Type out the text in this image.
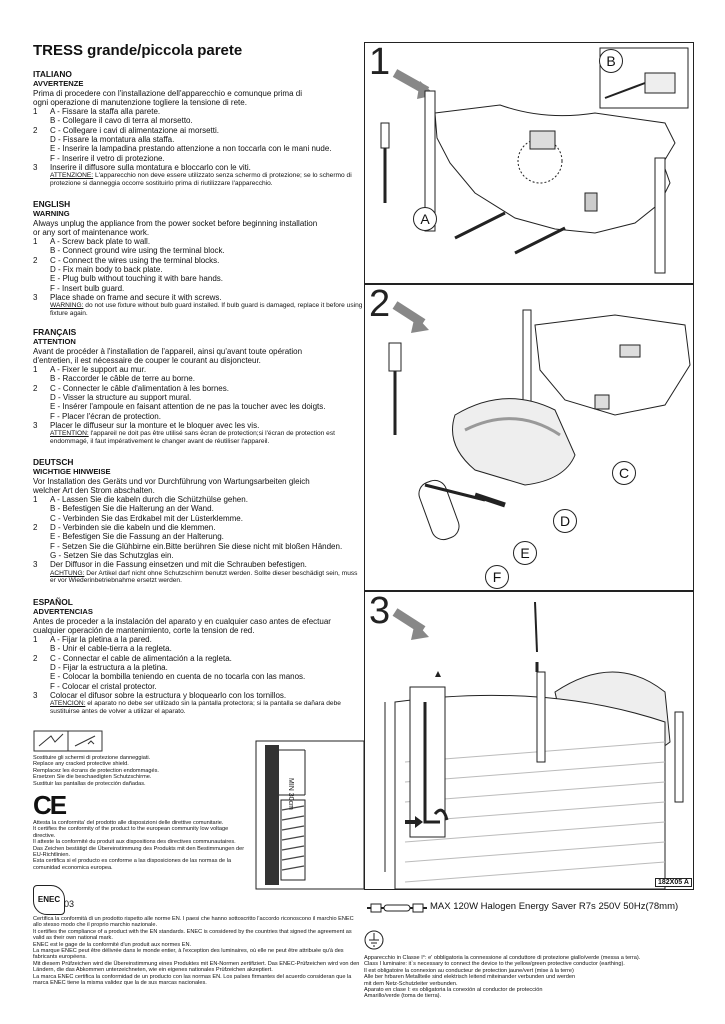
TRESS grande/piccola parete
ITALIANO
AVVERTENZE
Prima di procedere con l'installazione dell'apparecchio e comunque prima di
ogni operazione di manutenzione togliere la tensione di rete.
1	A - Fissare la staffa alla parete.
B - Collegare il cavo di terra al morsetto.
2	C - Collegare i cavi di alimentazione ai morsetti.
D - Fissare la montatura alla staffa.
E - Inserire la lampadina prestando attenzione a non toccarla con le mani nude.
F - Inserire il vetro di protezione.
3	Inserire il diffusore sulla montatura e bloccarlo con le viti.
ATTENZIONE: L'apparecchio non deve essere utilizzato senza schermo di protezione; se lo schermo di protezione si danneggia occorre sostituirlo prima di riutilizzare l'apparecchio.
ENGLISH
WARNING
Always unplug the appliance from the power socket before beginning installation
or any sort of maintenance work.
1	A - Screw back plate to wall.
B - Connect ground wire using the terminal block.
2	C - Connect the wires using the terminal blocks.
D - Fix main body to back plate.
E - Plug bulb without touching it with bare hands.
F - Insert bulb guard.
3	Place shade on frame and secure it with screws.
WARNING: do not use fixture without bulb guard installed. If bulb guard is damaged, replace it before using fixture again.
FRANÇAIS
ATTENTION
Avant de procéder à l'installation de l'appareil, ainsi qu'avant toute opération
d'entretien, il est nécessaire de couper le courant au disjoncteur.
1	A - Fixer le support au mur.
B - Raccorder le câble de terre au borne.
2	C - Connecter le câble d'alimentation à les bornes.
D - Visser la structure au support mural.
E - Insérer l'ampoule en faisant attention de ne pas la toucher avec les doigts.
F - Placer l'écran de protection.
3	Placer le diffuseur sur la monture et le bloquer avec les vis.
ATTENTION: l'appareil ne doit pas être utilisé sans écran de protection;si l'écran de protection est endommagé, il faut impérativement le changer avant de réutiliser l'appareil.
DEUTSCH
WICHTIGE HINWEISE
Vor Installation des Geräts und vor Durchführung von Wartungsarbeiten gleich
welcher Art den Strom abschalten.
1	A - Lassen Sie die kabeln durch die Schützhülse gehen.
B - Befestigen Sie die Halterung an der Wand.
C - Verbinden Sie das Erdkabel mit der Lüsterklemme.
2	D - Verbinden sie die kabeln und die klemmen.
E - Befestigen Sie die Fassung an der Halterung.
F - Setzen Sie die Glühbirne ein.Bitte berühren Sie diese nicht mit bloßen Händen.
G - Setzen Sie das Schutzglas ein.
3	Der Diffusor in die Fassung einsetzen und mit die Schrauben befestigen.
ACHTUNG: Der Artikel darf nicht ohne Schutzschirm benutzt werden. Sollte dieser beschädigt sein, muss er vor Wiederinbetriebnahme ersetzt werden.
ESPAÑOL
ADVERTENCIAS
Antes de proceder a la instalación del aparato y en cualquier caso antes de efectuar
cualquier operación de mantenimiento, corte la tension de red.
1	A - Fijar la pletina a la pared.
B - Unir el cable-tierra a la regleta.
2	C - Connectar el cable de alimentación a la regleta.
D - Fijar la estructura a la pletina.
E - Colocar la bombilla teniendo en cuenta de no tocarla con las manos.
F - Colocar el cristal protector.
3	Colocar el difusor sobre la estructura y bloquearlo con los tornillos.
ATENCION: el aparato no debe ser utilizado sin la pantalla protectora; si la pantalla se dañara debe sustituirse antes de volver a utilizar el aparato.
Sostituire gli schermi di protezione danneggiati.
Replace any cracked protective shield.
Remplacez les écrans de protection endommagés.
Ersetzen Sie die beschaedigten Schutzschirme.
Sustituir las pantallas de protección dañadas.
CE
Attesta la conformita' del prodotto alle disposizioni delle direttive comunitarie.
It certifies the conformity of the product to the european community low voltage directive.
Il atteste la conformité du produit aux dispositions des directives communautaires.
Das Zeichen bestätigt die Übereinstimmung des Produkts mit den Bestimmungen der EU-Richtlinien.
Esta certifica si el producto es conforme a las disposiciones de las normas de la comunidad economica europea.
ENEC 03
Certifica la conformità di un prodotto rispetto alle norme EN. I paesi che hanno sottoscritto l'accordo riconoscono il marchio ENEC allo stesso modo che il proprio marchio nazionale.
It certifies the compliance of a product with the EN standards. ENEC is considered by the countries that signed the agreement as valid as their own national mark.
ENEC est le gage de la conformité d'un produit aux normes EN.
La marque ENEC peut être délivrée dans le monde entier, à l'exception des luminaires, où elle ne peut être attribuée qu'à des fabricants européens.
Mit diesem Prüfzeichen wird die Übereinstimmung eines Produktes mit EN-Normen zertifiziert. Das ENEC-Prüfzeichen wird von den Ländern, die das Abkommen unterzeichneten, wie ein eigenes nationales Prüfzeichen akzeptiert.
La marca ENEC certifica la conformidad de un producto con las normas EN. Los países firmantes del acuerdo consideran que la marca ENEC tiene la misma validez que la de sus marcas nacionales.
MIN 30cm
1	B
A
2
C
D
E
F
3
182X05 A
MAX 120W Halogen Energy Saver R7s 250V 50Hz(78mm)
Apparecchio in Classe I°: e' obbligatoria la connessione al conduttore di protezione giallo/verde (messa a terra).
Class I luminaire: it`s necessary to connect the device to the yellow/green protective conductor (earthing).
Il est obligatoire la connexion au conducteur de protection jaune/vert (mise à la terre)
Alle ber hrbaren Metallteile sind elektrisch leitend miteinander verbunden und werden
mit dem Netz-Schutzleiter verbunden.
Aparato en clase I: es obligatoria la conexión al conductor de protección
Amarillo/verde (toma de tierra).
